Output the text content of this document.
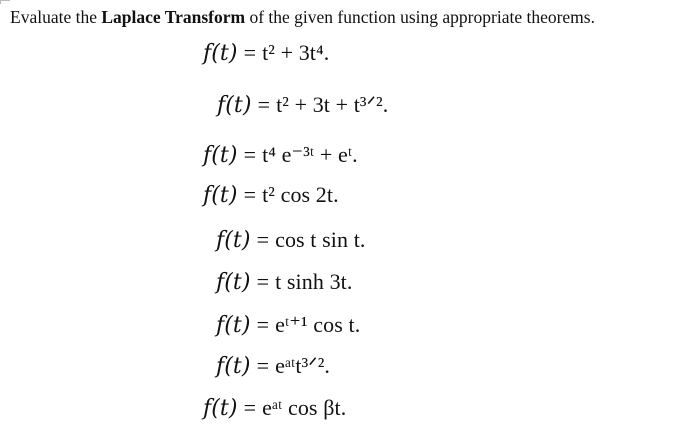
Evaluate the Laplace Transform of the given function using appropriate theorems.
f(t) = t² + 3t⁴.
f(t) = t² + 3t + t³ᐟ².
f(t) = t⁴ e⁻³ᵗ + eᵗ.
f(t) = t² cos 2t.
f(t) = cos t sin t.
f(t) = t sinh 3t.
f(t) = eᵗ⁺¹ cos t.
f(t) = eᵃᵗt³ᐟ².
f(t) = eᵃᵗ cos βt.
